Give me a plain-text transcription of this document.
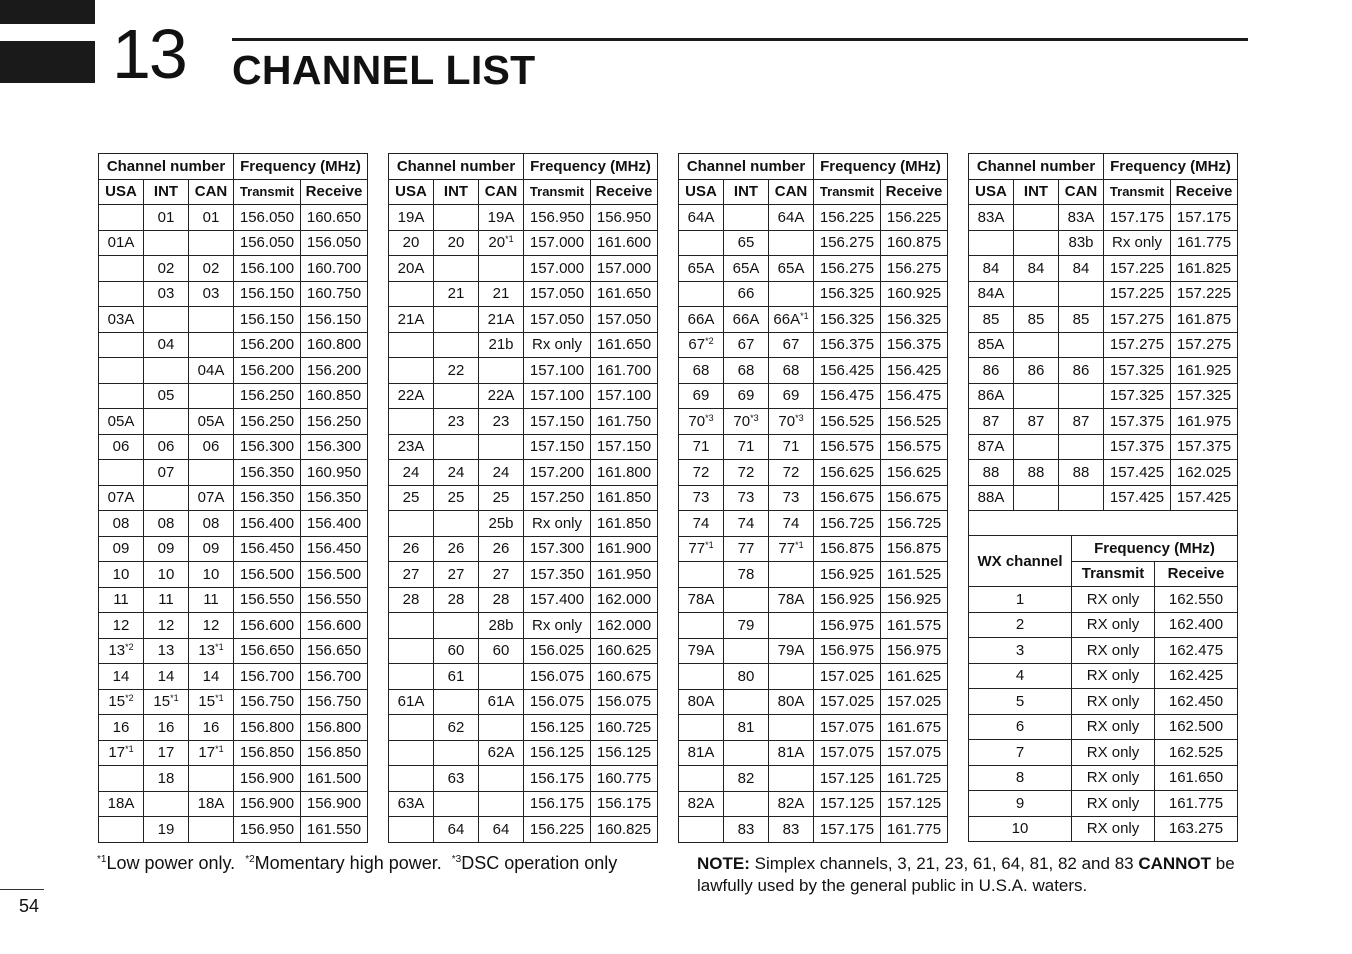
13 CHANNEL LIST
Channel number			Frequency (MHz)	
USA	INT	CAN	Transmit	Receive
	01	01	156.050	160.650
01A			156.050	156.050
	02	02	156.100	160.700
	03	03	156.150	160.750
03A			156.150	156.150
	04		156.200	160.800
		04A	156.200	156.200
	05		156.250	160.850
05A		05A	156.250	156.250
06	06	06	156.300	156.300
	07		156.350	160.950
07A		07A	156.350	156.350
08	08	08	156.400	156.400
09	09	09	156.450	156.450
10	10	10	156.500	156.500
11	11	11	156.550	156.550
12	12	12	156.600	156.600
13$^{*2}$	13	13$^{*1}$	156.650	156.650
14	14	14	156.700	156.700
15$^{*2}$	15$^{*1}$	15$^{*1}$	156.750	156.750
16	16	16	156.800	156.800
17$^{*1}$	17	17$^{*1}$	156.850	156.850
	18		156.900	161.500
18A		18A	156.900	156.900
	19		156.950	161.550
Channel number			Frequency (MHz)	
USA	INT	CAN	Transmit	Receive
19A		19A	156.950	156.950
20	20	20$^{*1}$	157.000	161.600
20A			157.000	157.000
	21	21	157.050	161.650
21A		21A	157.050	157.050
		21b	Rx only	161.650
	22		157.100	161.700
22A		22A	157.100	157.100
	23	23	157.150	161.750
23A			157.150	157.150
24	24	24	157.200	161.800
25	25	25	157.250	161.850
		25b	Rx only	161.850
26	26	26	157.300	161.900
27	27	27	157.350	161.950
28	28	28	157.400	162.000
		28b	Rx only	162.000
	60	60	156.025	160.625
	61		156.075	160.675
61A		61A	156.075	156.075
	62		156.125	160.725
		62A	156.125	156.125
	63		156.175	160.775
63A			156.175	156.175
	64	64	156.225	160.825
Channel number			Frequency (MHz)	
USA	INT	CAN	Transmit	Receive
64A		64A	156.225	156.225
	65		156.275	160.875
65A	65A	65A	156.275	156.275
	66		156.325	160.925
66A	66A	$66A^{*1}$	156.325	156.325
67$^{*2}$	67	67	156.375	156.375
68	68	68	156.425	156.425
69	69	69	156.475	156.475
70$^{*3}$	70$^{*3}$	70$^{*3}$	156.525	156.525
71	71	71	156.575	156.575
72	72	72	156.625	156.625
73	73	73	156.675	156.675
74	74	74	156.725	156.725
77$^{*1}$	77	77$^{*1}$	156.875	156.875
	78		156.925	161.525
78A		78A	156.925	156.925
	79		156.975	161.575
79A		79A	156.975	156.975
	80		157.025	161.625
80A		80A	157.025	157.025
	81		157.075	161.675
81A		81A	157.075	157.075
	82		157.125	161.725
82A		82A	157.125	157.125
	83	83	157.175	161.775
Channel number			Frequency (MHz)	
USA	INT	CAN	Transmit	Receive
83A		83A	157.175	157.175
		83b	Rx only	161.775
84	84	84	157.225	161.825
84A			157.225	157.225
85	85	85	157.275	161.875
85A			157.275	157.275
86	86	86	157.325	161.925
86A			157.325	157.325
87	87	87	157.375	161.975
87A			157.375	157.375
88	88	88	157.425	162.025
88A			157.425	157.425
WX channel	Frequency (MHz)	
	Transmit	Receive
1	RX only	162.550
2	RX only	162.400
3	RX only	162.475
4	RX only	162.425
5	RX only	162.450
6	RX only	162.500
7	RX only	162.525
8	RX only	161.650
9	RX only	161.775
10	RX only	163.275
$^{*1}$Low power only. $^{*2}$Momentary high power. $^{*3}$DSC operation only	NOTE: Simplex channels, 3, 21, 23, 61, 64, 81, 82 and 83 CANNOT be lawfully used by the general public in U.S.A. waters.
54
